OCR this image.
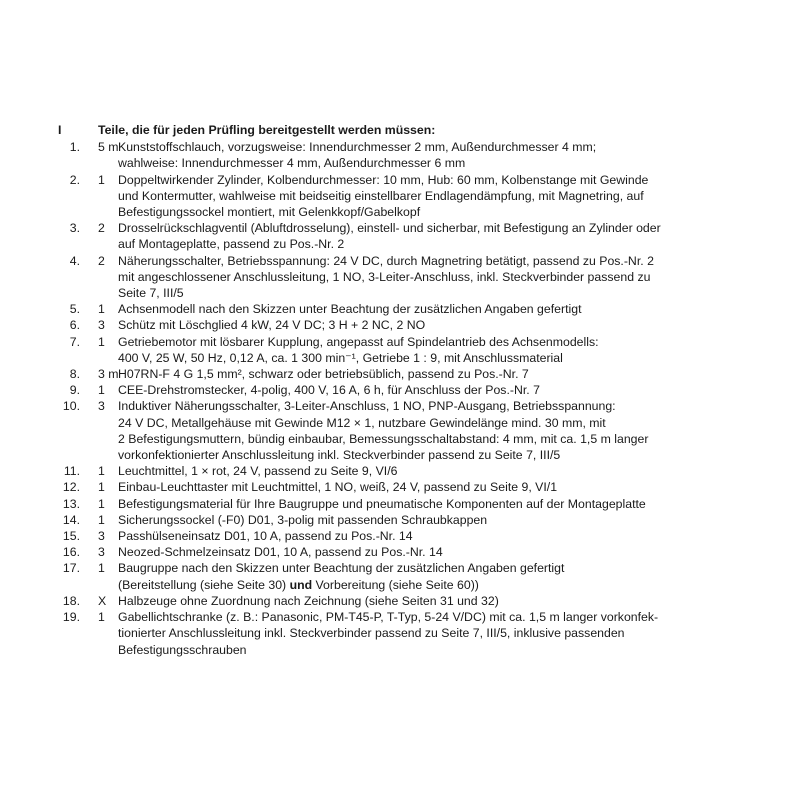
I	Teile, die für jeden Prüfling bereitgestellt werden müssen:
1.	5 m Kunststoffschlauch, vorzugsweise: Innendurchmesser 2 mm, Außendurchmesser 4 mm;
wahlweise: Innendurchmesser 4 mm, Außendurchmesser 6 mm
2.	1	Doppeltwirkender Zylinder, Kolbendurchmesser: 10 mm, Hub: 60 mm, Kolbenstange mit Gewinde
und Kontermutter, wahlweise mit beidseitig einstellbarer Endlagendämpfung, mit Magnetring, auf
Befestigungssockel montiert, mit Gelenkkopf/Gabelkopf
3.	2	Drosselrückschlagventil (Abluftdrosselung), einstell- und sicherbar, mit Befestigung an Zylinder oder
auf Montageplatte, passend zu Pos.-Nr. 2
4.	2	Näherungsschalter, Betriebsspannung: 24 V DC, durch Magnetring betätigt, passend zu Pos.-Nr. 2
mit angeschlossener Anschlussleitung, 1 NO, 3-Leiter-Anschluss, inkl. Steckverbinder passend zu
Seite 7, III/5
5.	1	Achsenmodell nach den Skizzen unter Beachtung der zusätzlichen Angaben gefertigt
6.	3	Schütz mit Löschglied 4 kW, 24 V DC; 3 H + 2 NC, 2 NO
7.	1	Getriebemotor mit lösbarer Kupplung, angepasst auf Spindelantrieb des Achsenmodells:
400 V, 25 W, 50 Hz, 0,12 A, ca. 1 300 min⁻¹, Getriebe 1 : 9, mit Anschlussmaterial
8.	3 m H07RN-F 4 G 1,5 mm², schwarz oder betriebsüblich, passend zu Pos.-Nr. 7
9.	1	CEE-Drehstromstecker, 4-polig, 400 V, 16 A, 6 h, für Anschluss der Pos.-Nr. 7
10.	3	Induktiver Näherungsschalter, 3-Leiter-Anschluss, 1 NO, PNP-Ausgang, Betriebsspannung:
24 V DC, Metallgehäuse mit Gewinde M12 × 1, nutzbare Gewindelänge mind. 30 mm, mit
2 Befestigungsmuttern, bündig einbaubar, Bemessungsschaltabstand: 4 mm, mit ca. 1,5 m langer
vorkonfektionierter Anschlussleitung inkl. Steckverbinder passend zu Seite 7, III/5
11.	1	Leuchtmittel, 1 × rot, 24 V, passend zu Seite 9, VI/6
12.	1	Einbau-Leuchttaster mit Leuchtmittel, 1 NO, weiß, 24 V, passend zu Seite 9, VI/1
13.	1	Befestigungsmaterial für Ihre Baugruppe und pneumatische Komponenten auf der Montageplatte
14.	1	Sicherungssockel (-F0) D01, 3-polig mit passenden Schraubkappen
15.	3	Passhülseneinsatz D01, 10 A, passend zu Pos.-Nr. 14
16.	3	Neozed-Schmelzeinsatz D01, 10 A, passend zu Pos.-Nr. 14
17.	1	Baugruppe nach den Skizzen unter Beachtung der zusätzlichen Angaben gefertigt
(Bereitstellung (siehe Seite 30) und Vorbereitung (siehe Seite 60))
18.	X Halbzeuge ohne Zuordnung nach Zeichnung (siehe Seiten 31 und 32)
19.	1	Gabellichtschranke (z. B.: Panasonic, PM-T45-P, T-Typ, 5-24 V/DC) mit ca. 1,5 m langer vorkonfek-
tionierter Anschlussleitung inkl. Steckverbinder passend zu Seite 7, III/5, inklusive passenden
Befestigungsschrauben
